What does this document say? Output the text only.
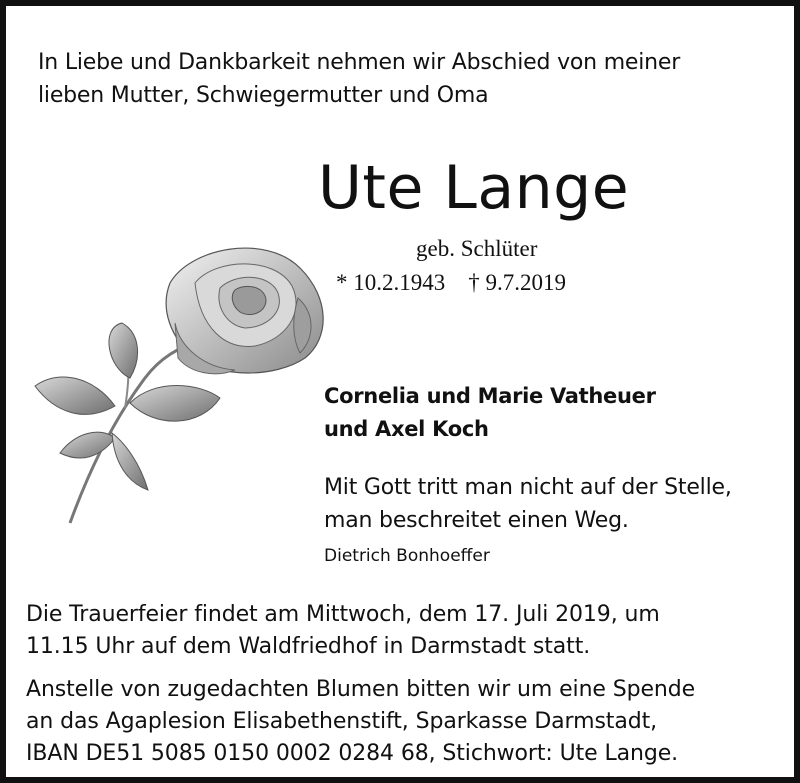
In Liebe und Dankbarkeit nehmen wir Abschied von meiner
lieben Mutter, Schwiegermutter und Oma
Ute Lange
geb. Schlüter
* 10.2.1943 † 9.7.2019
Cornelia und Marie Vatheuer
und Axel Koch
Mit Gott tritt man nicht auf der Stelle,
man beschreitet einen Weg.
Dietrich Bonhoeffer
Die Trauerfeier findet am Mittwoch, dem 17. Juli 2019, um
11.15 Uhr auf dem Waldfriedhof in Darmstadt statt.
Anstelle von zugedachten Blumen bitten wir um eine Spende
an das Agaplesion Elisabethenstift, Sparkasse Darmstadt,
IBAN DE51 5085 0150 0002 0284 68, Stichwort: Ute Lange.
